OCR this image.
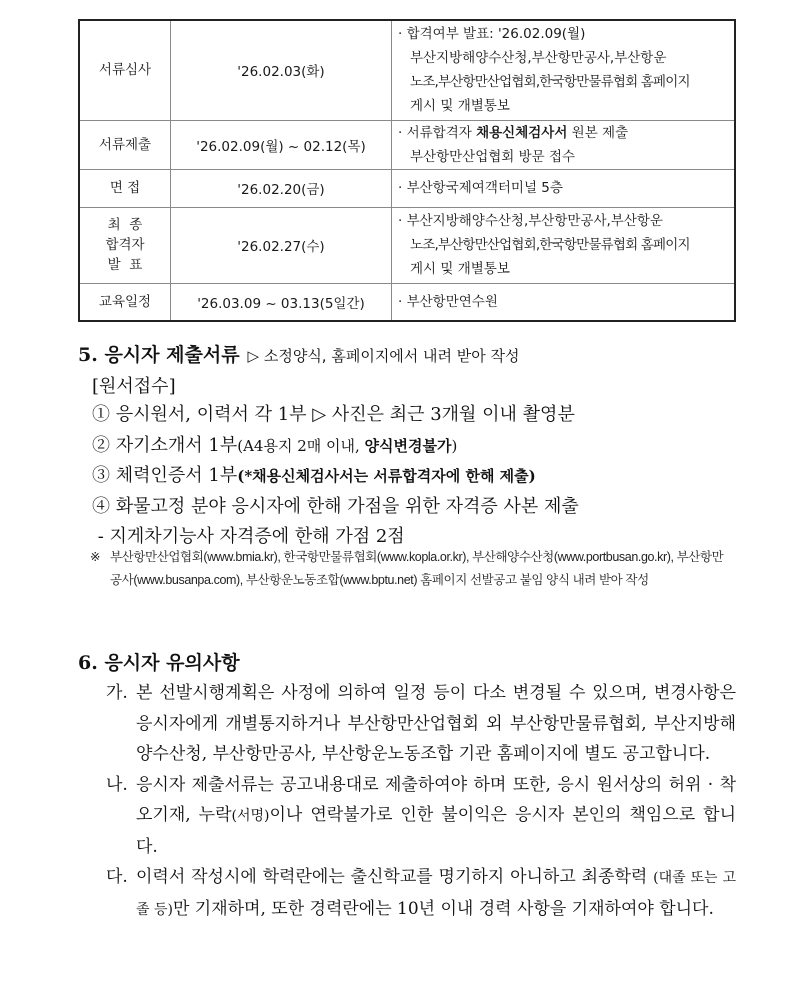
서류심사	'26.02.03(화)	· 합격여부 발표: '26.02.09(월)
부산지방해양수산청,부산항만공사,부산항운
노조,부산항만산업협회,한국항만물류협회 홈페이지
게시 및 개별통보

서류제출	'26.02.09(월) ~ 02.12(목)	· 서류합격자 채용신체검사서 원본 제출
부산항만산업협회 방문 접수

면 접	'26.02.20(금)	· 부산항국제여객터미널 5층

최  종
합격자
발  표	'26.02.27(수)	· 부산지방해양수산청,부산항만공사,부산항운
노조,부산항만산업협회,한국항만물류협회 홈페이지
게시 및 개별통보

교육일정	'26.03.09 ~ 03.13(5일간)	· 부산항만연수원
5. 응시자 제출서류 ▷ 소정양식, 홈페이지에서 내려 받아 작성
[원서접수]
① 응시원서, 이력서 각 1부 ▷ 사진은 최근 3개월 이내 촬영분
② 자기소개서 1부(A4용지 2매 이내, 양식변경불가)
③ 체력인증서 1부(*채용신체검사서는 서류합격자에 한해 제출)
④ 화물고정 분야 응시자에 한해 가점을 위한 자격증 사본 제출
- 지게차기능사 자격증에 한해 가점 2점
※ 부산항만산업협회(www.bmia.kr), 한국항만물류협회(www.kopla.or.kr), 부산해양수산청(www.portbusan.go.kr), 부산항만공사(www.busanpa.com), 부산항운노동조합(www.bptu.net) 홈페이지 선발공고 붙임 양식 내려 받아 작성
6. 응시자 유의사항
가. 본 선발시행계획은 사정에 의하여 일정 등이 다소 변경될 수 있으며, 변경사항은 응시자에게 개별통지하거나 부산항만산업협회 외 부산항만물류협회, 부산지방해양수산청, 부산항만공사, 부산항운노동조합 기관 홈페이지에 별도 공고합니다.
나. 응시자 제출서류는 공고내용대로 제출하여야 하며 또한, 응시 원서상의 허위 · 착오기재, 누락(서명)이나 연락불가로 인한 불이익은 응시자 본인의 책임으로 합니다.
다. 이력서 작성시에 학력란에는 출신학교를 명기하지 아니하고 최종학력 (대졸 또는 고졸 등)만 기재하며, 또한 경력란에는 10년 이내 경력 사항을 기재하여야 합니다.
